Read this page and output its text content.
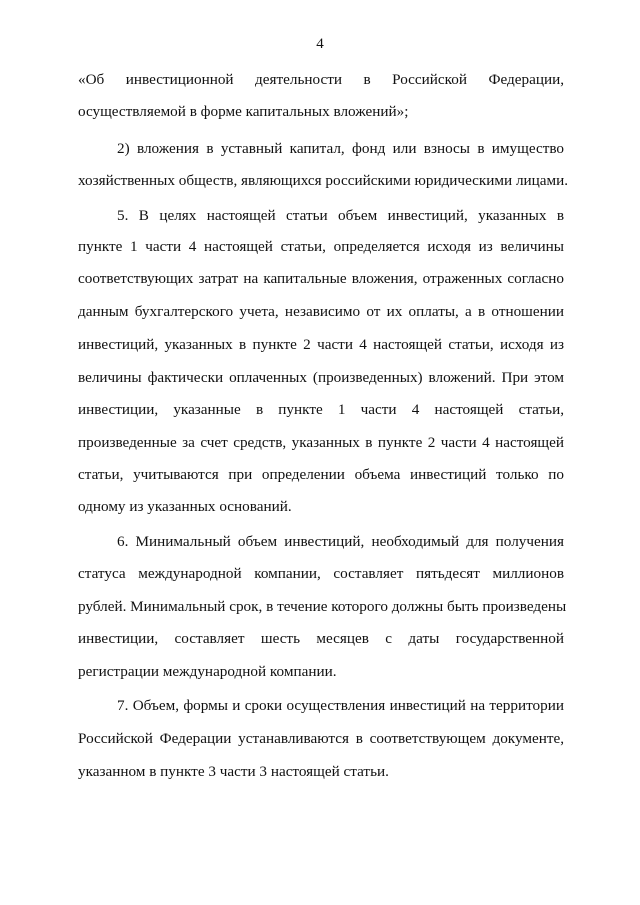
4
«Об инвестиционной деятельности в Российской Федерации,
осуществляемой в форме капитальных вложений»;
2) вложения в уставный капитал, фонд или взносы в имущество
хозяйственных обществ, являющихся российскими юридическими лицами.
5. В целях настоящей статьи объем инвестиций, указанных в
пункте 1 части 4 настоящей статьи, определяется исходя из величины
соответствующих затрат на капитальные вложения, отраженных согласно
данным бухгалтерского учета, независимо от их оплаты, а в отношении
инвестиций, указанных в пункте 2 части 4 настоящей статьи, исходя из
величины фактически оплаченных (произведенных) вложений. При этом
инвестиции, указанные в пункте 1 части 4 настоящей статьи,
произведенные за счет средств, указанных в пункте 2 части 4 настоящей
статьи, учитываются при определении объема инвестиций только по
одному из указанных оснований.
6. Минимальный объем инвестиций, необходимый для получения
статуса международной компании, составляет пятьдесят миллионов
рублей. Минимальный срок, в течение которого должны быть произведены
инвестиции, составляет шесть месяцев с даты государственной
регистрации международной компании.
7. Объем, формы и сроки осуществления инвестиций на территории
Российской Федерации устанавливаются в соответствующем документе,
указанном в пункте 3 части 3 настоящей статьи.
